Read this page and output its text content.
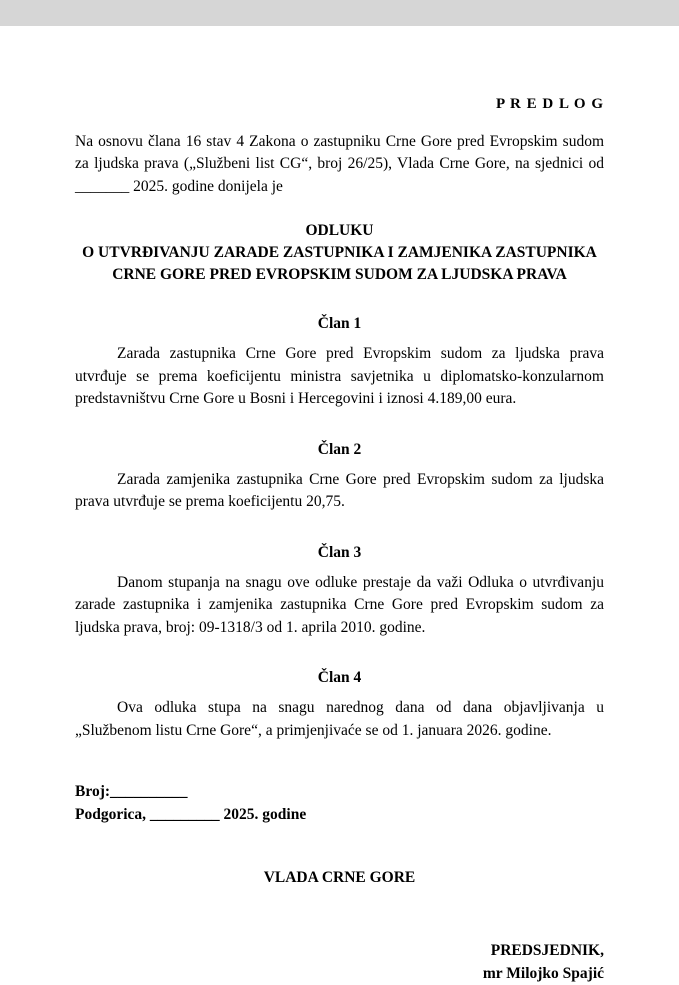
P R E D L O G

Na osnovu člana 16 stav 4 Zakona o zastupniku Crne Gore pred Evropskim sudom za ljudska prava („Službeni list CG“, broj 26/25), Vlada Crne Gore, na sjednici od _______ 2025. godine donijela je

ODLUKU
O UTVRĐIVANJU ZARADE ZASTUPNIKA I ZAMJENIKA ZASTUPNIKA
CRNE GORE PRED EVROPSKIM SUDOM ZA LJUDSKA PRAVA
Član 1

Zarada zastupnika Crne Gore pred Evropskim sudom za ljudska prava utvrđuje se prema koeficijentu ministra savjetnika u diplomatsko-konzularnom predstavništvu Crne Gore u Bosni i Hercegovini i iznosi 4.189,00 eura.

Član 2

Zarada zamjenika zastupnika Crne Gore pred Evropskim sudom za ljudska prava utvrđuje se prema koeficijentu 20,75.

Član 3

Danom stupanja na snagu ove odluke prestaje da važi Odluka o utvrđivanju zarade zastupnika i zamjenika zastupnika Crne Gore pred Evropskim sudom za ljudska prava, broj: 09-1318/3 od 1. aprila 2010. godine.

Član 4

Ova odluka stupa na snagu narednog dana od dana objavljivanja u „Službenom listu Crne Gore“, a primjenjivaće se od 1. januara 2026. godine.

Broj:__________
Podgorica, _________ 2025. godine
VLADA CRNE GORE
PREDSJEDNIK,
mr Milojko Spajić
